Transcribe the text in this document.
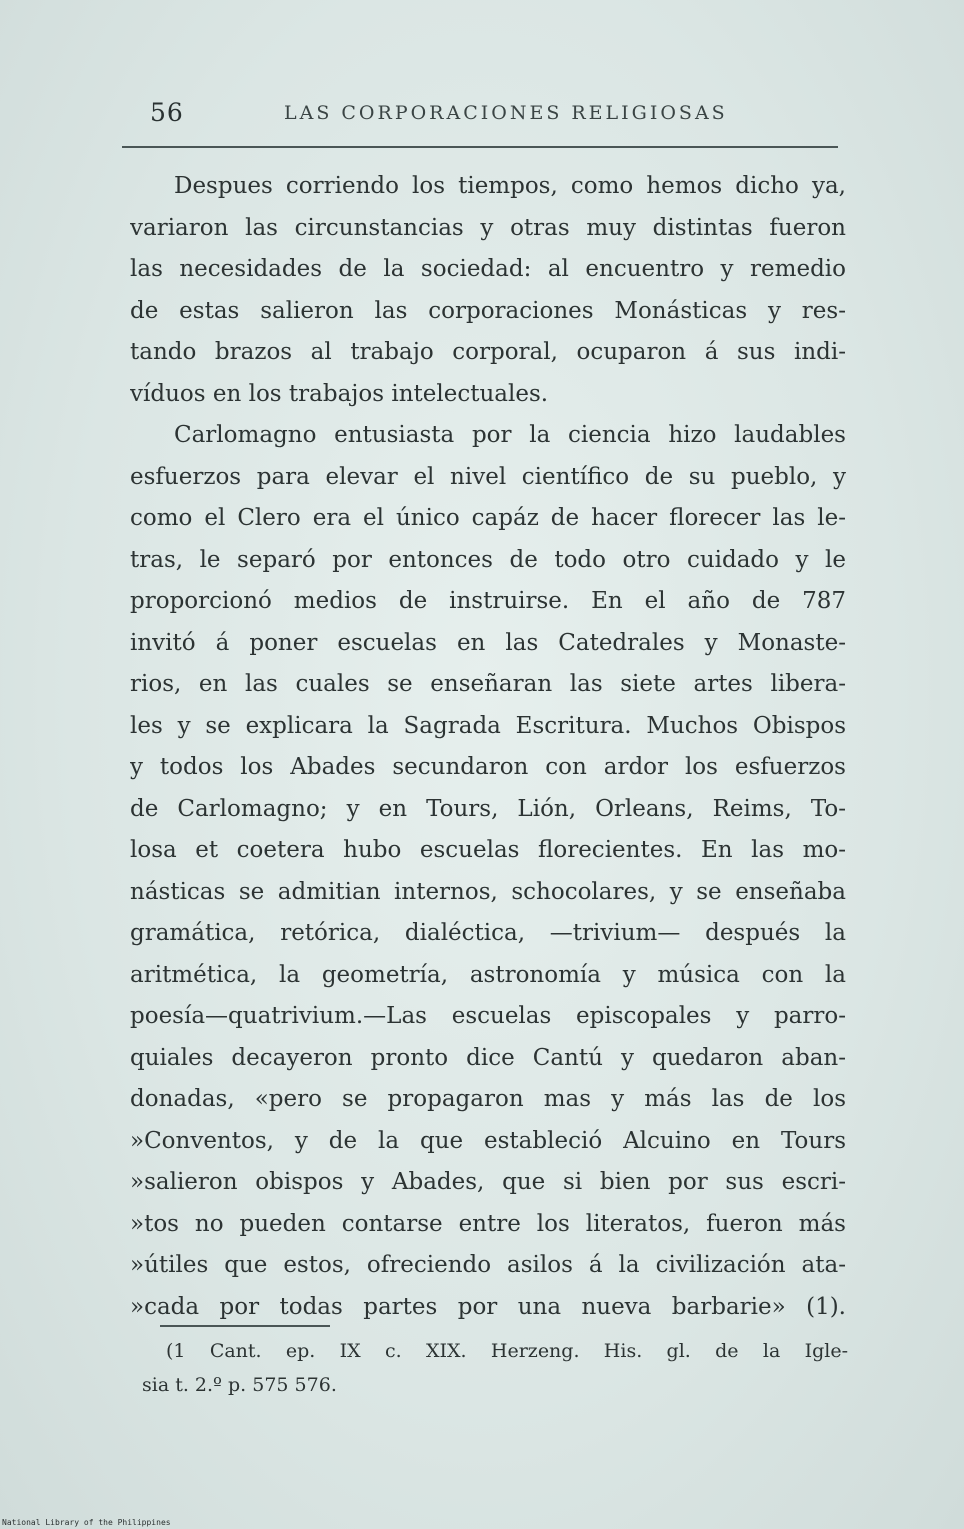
56	LAS CORPORACIONES RELIGIOSAS
Despues corriendo los tiempos, como hemos dicho ya,
variaron las circunstancias y otras muy distintas fueron
las necesidades de la sociedad: al encuentro y remedio
de estas salieron las corporaciones Monásticas y res-
tando brazos al trabajo corporal, ocuparon á sus indi-
víduos en los trabajos intelectuales.
Carlomagno entusiasta por la ciencia hizo laudables
esfuerzos para elevar el nivel científico de su pueblo, y
como el Clero era el único capáz de hacer florecer las le-
tras, le separó por entonces de todo otro cuidado y le
proporcionó medios de instruirse. En el año de 787
invitó á poner escuelas en las Catedrales y Monaste-
rios, en las cuales se enseñaran las siete artes libera-
les y se explicara la Sagrada Escritura. Muchos Obispos
y todos los Abades secundaron con ardor los esfuerzos
de Carlomagno; y en Tours, Lión, Orleans, Reims, To-
losa et coetera hubo escuelas florecientes. En las mo-
násticas se admitian internos, schocolares, y se enseñaba
gramática, retórica, dialéctica, —trivium— después la
aritmética, la geometría, astronomía y música con la
poesía—quatrivium.—Las escuelas episcopales y parro-
quiales decayeron pronto dice Cantú y quedaron aban-
donadas, «pero se propagaron mas y más las de los
»Conventos, y de la que estableció Alcuino en Tours
»salieron obispos y Abades, que si bien por sus escri-
»tos no pueden contarse entre los literatos, fueron más
»útiles que estos, ofreciendo asilos á la civilización ata-
»cada por todas partes por una nueva barbarie» (1).
(1 Cant. ep. IX c. XIX. Herzeng. His. gl. de la Igle-
sia t. 2.º p. 575 576.
National Library of the Philippines
